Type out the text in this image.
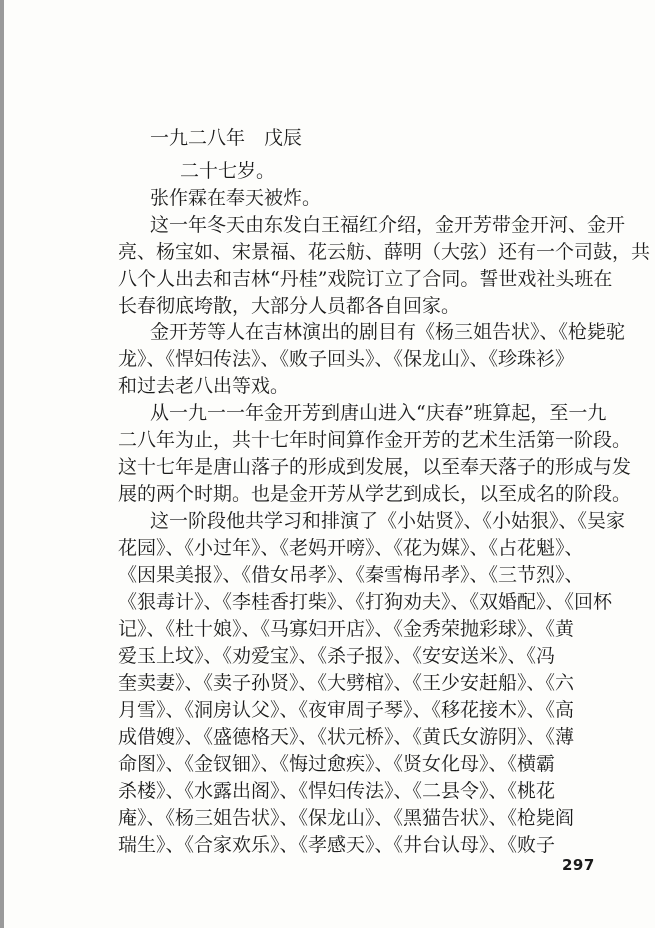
一九二八年　戊辰
二十七岁。
张作霖在奉天被炸。
这一年冬天由东发白王福红介绍，金开芳带金开河、金开
亮、杨宝如、宋景福、花云舫、薛明（大弦）还有一个司鼓，共
八个人出去和吉林“丹桂”戏院订立了合同。誓世戏社头班在
长春彻底垮散，大部分人员都各自回家。
金开芳等人在吉林演出的剧目有《杨三姐告状》、《枪毙驼
龙》、《悍妇传法》、《败子回头》、《保龙山》、《珍珠衫》
和过去老八出等戏。
从一九一一年金开芳到唐山进入“庆春”班算起，至一九
二八年为止，共十七年时间算作金开芳的艺术生活第一阶段。
这十七年是唐山落子的形成到发展，以至奉天落子的形成与发
展的两个时期。也是金开芳从学艺到成长，以至成名的阶段。
这一阶段他共学习和排演了《小姑贤》、《小姑狠》、《吴家
花园》、《小过年》、《老妈开嗙》、《花为媒》、《占花魁》、
《因果美报》、《借女吊孝》、《秦雪梅吊孝》、《三节烈》、
《狠毒计》、《李桂香打柴》、《打狗劝夫》、《双婚配》、《回杯
记》、《杜十娘》、《马寡妇开店》、《金秀荣抛彩球》、《黄
爱玉上坟》、《劝爱宝》、《杀子报》、《安安送米》、《冯
奎卖妻》、《卖子孙贤》、《大劈棺》、《王少安赶船》、《六
月雪》、《洞房认父》、《夜审周子琴》、《移花接木》、《高
成借嫂》、《盛德格天》、《状元桥》、《黄氏女游阴》、《薄
命图》、《金钗钿》、《悔过愈疾》、《贤女化母》、《横霸
杀楼》、《水露出阁》、《悍妇传法》、《二县令》、《桃花
庵》、《杨三姐告状》、《保龙山》、《黑猫告状》、《枪毙阎
瑞生》、《合家欢乐》、《孝感天》、《井台认母》、《败子
297
